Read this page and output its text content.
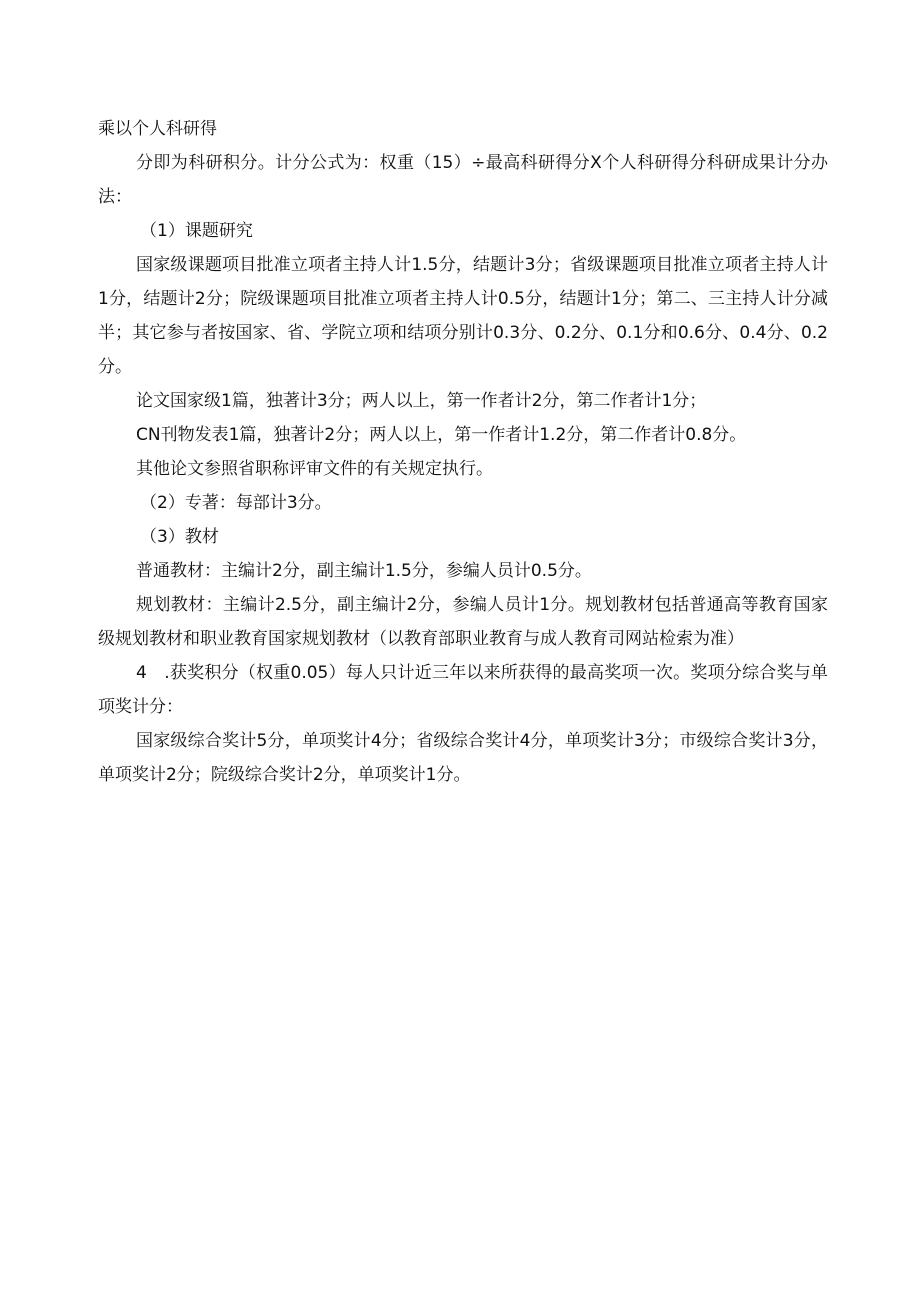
乘以个人科研得

分即为科研积分。计分公式为：权重（15）÷最高科研得分X个人科研得分科研成果计分办法：

（1）课题研究

国家级课题项目批准立项者主持人计1.5分，结题计3分；省级课题项目批准立项者主持人计1分，结题计2分；院级课题项目批准立项者主持人计0.5分，结题计1分；第二、三主持人计分减半；其它参与者按国家、省、学院立项和结项分别计0.3分、0.2分、0.1分和0.6分、0.4分、0.2分。

论文国家级1篇，独著计3分；两人以上，第一作者计2分，第二作者计1分；

CN刊物发表1篇，独著计2分；两人以上，第一作者计1.2分，第二作者计0.8分。

其他论文参照省职称评审文件的有关规定执行。

（2）专著：每部计3分。

（3）教材

普通教材：主编计2分，副主编计1.5分，参编人员计0.5分。

规划教材：主编计2.5分，副主编计2分，参编人员计1分。规划教材包括普通高等教育国家级规划教材和职业教育国家规划教材（以教育部职业教育与成人教育司网站检索为准）

4　.获奖积分（权重0.05）每人只计近三年以来所获得的最高奖项一次。奖项分综合奖与单项奖计分：

国家级综合奖计5分，单项奖计4分；省级综合奖计4分，单项奖计3分；市级综合奖计3分，单项奖计2分；院级综合奖计2分，单项奖计1分。
